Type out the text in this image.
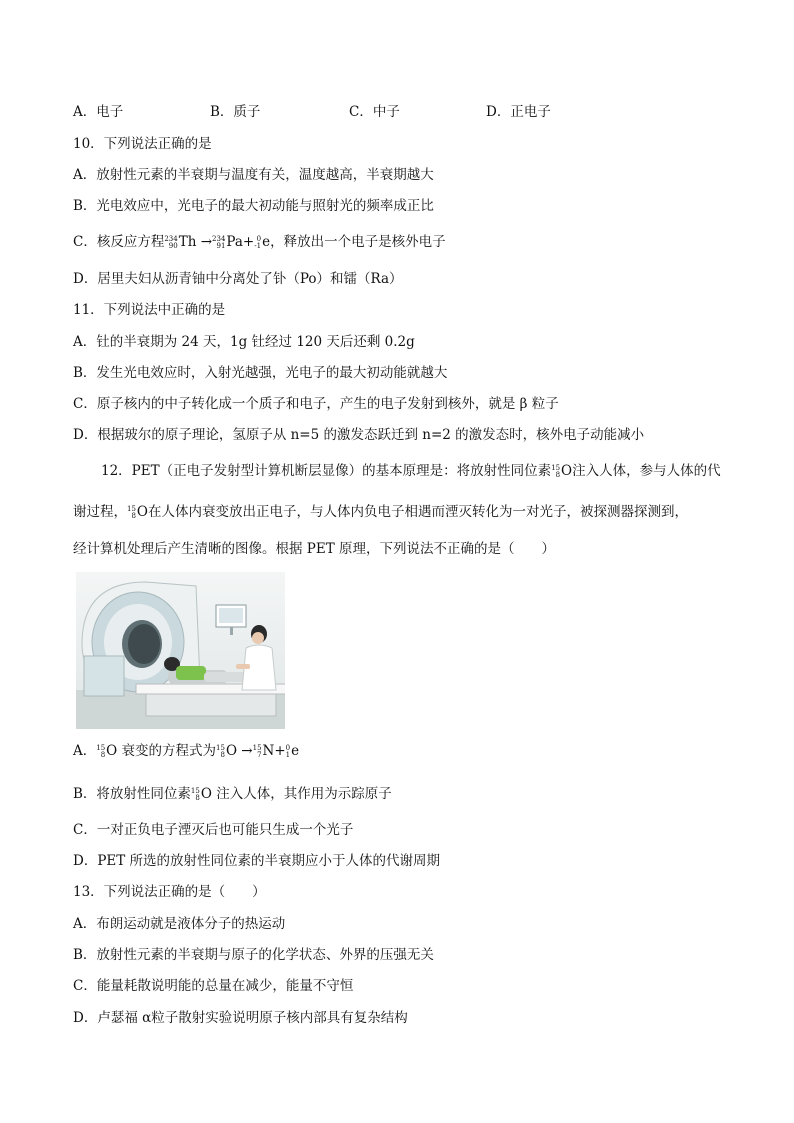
A．电子	B．质子	C．中子	D．正电子
10．下列说法正确的是
A．放射性元素的半衰期与温度有关，温度越高，半衰期越大
B．光电效应中，光电子的最大初动能与照射光的频率成正比
C．核反应方程 234
90 Th → 234
91 Pa+ 0
-1 e，释放出一个电子是核外电子
D．居里夫妇从沥青铀中分离处了钋（Po）和镭（Ra）
11．下列说法中正确的是
A．钍的半衰期为 24 天，1g 钍经过 120 天后还剩 0.2g
B．发生光电效应时，入射光越强，光电子的最大初动能就越大
C．原子核内的中子转化成一个质子和电子，产生的电子发射到核外，就是 β 粒子
D．根据玻尔的原子理论，氢原子从 n=5 的激发态跃迁到 n=2 的激发态时，核外电子动能减小
12．PET（正电子发射型计算机断层显像）的基本原理是：将放射性同位素 15
8 O注入人体，参与人体的代
谢过程， 15
8 O在人体内衰变放出正电子，与人体内负电子相遇而湮灭转化为一对光子，被探测器探测到，
经计算机处理后产生清晰的图像。根据 PET 原理，下列说法不正确的是（　　）
A． 15
8 O 衰变的方程式为 15
8 O → 15
7 N+ 0
1 e
B．将放射性同位素 15
8 O 注入人体，其作用为示踪原子
C．一对正负电子湮灭后也可能只生成一个光子
D．PET 所选的放射性同位素的半衰期应小于人体的代谢周期
13．下列说法正确的是（　　）
A．布朗运动就是液体分子的热运动
B．放射性元素的半衰期与原子的化学状态、外界的压强无关
C．能量耗散说明能的总量在减少，能量不守恒
D．卢瑟福 α粒子散射实验说明原子核内部具有复杂结构
